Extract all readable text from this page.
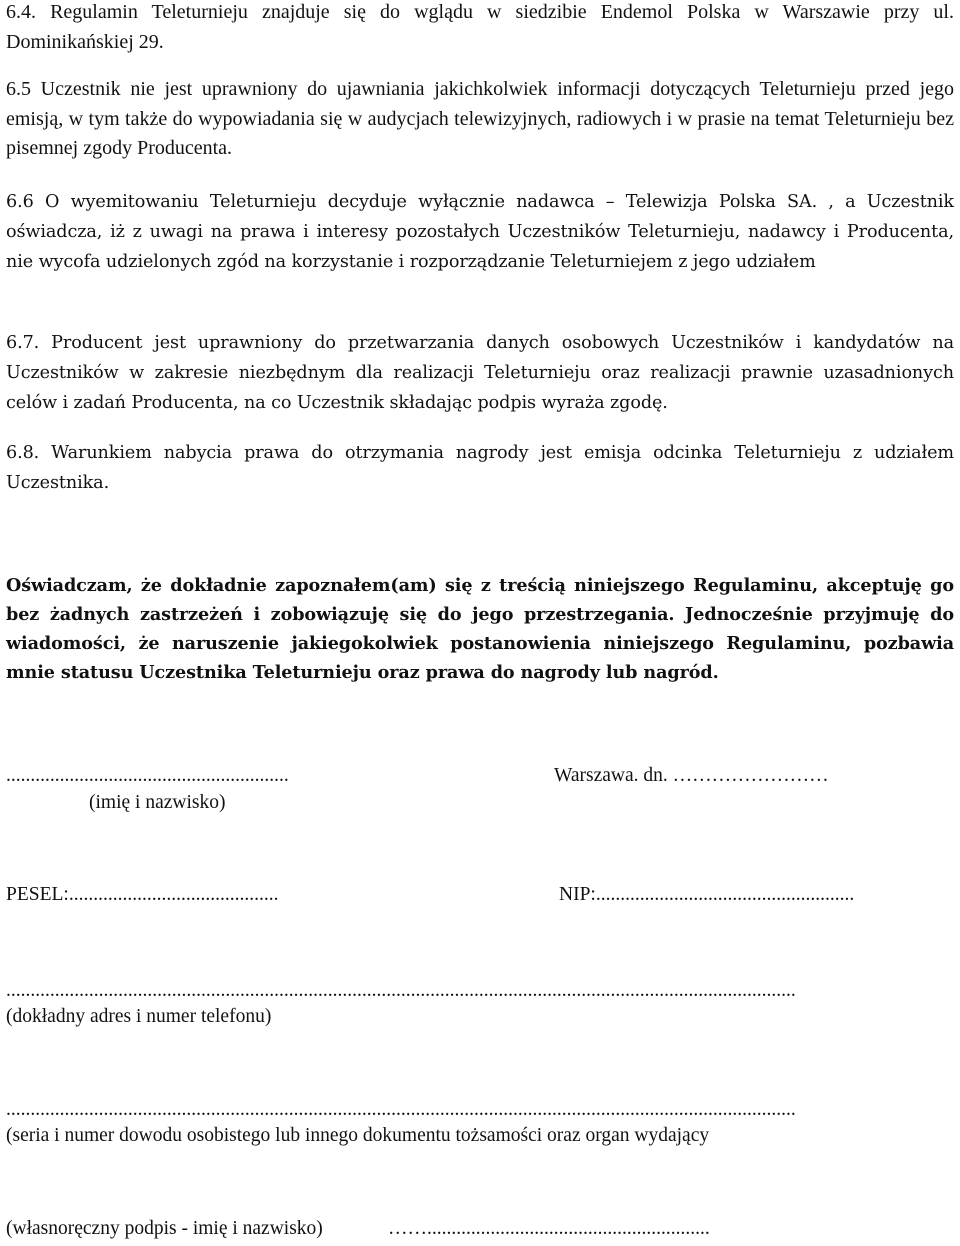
6.4. Regulamin Teleturnieju znajduje się do wglądu w siedzibie Endemol Polska w Warszawie przy ul. Dominikańskiej 29.

6.5 Uczestnik nie jest uprawniony do ujawniania jakichkolwiek informacji dotyczących Teleturnieju przed jego emisją, w tym także do wypowiadania się w audycjach telewizyjnych, radiowych i w prasie na temat Teleturnieju bez pisemnej zgody Producenta.

6.6 O wyemitowaniu Teleturnieju decyduje wyłącznie nadawca – Telewizja Polska SA. , a Uczestnik oświadcza, iż z uwagi na prawa i interesy pozostałych Uczestników Teleturnieju, nadawcy i Producenta, nie wycofa udzielonych zgód na korzystanie i rozporządzanie Teleturniejem z jego udziałem

6.7. Producent jest uprawniony do przetwarzania danych osobowych Uczestników i kandydatów na Uczestników w zakresie niezbędnym dla realizacji Teleturnieju oraz realizacji prawnie uzasadnionych celów i zadań Producenta, na co Uczestnik składając podpis wyraża zgodę.

6.8. Warunkiem nabycia prawa do otrzymania nagrody jest emisja odcinka Teleturnieju z udziałem Uczestnika.

Oświadczam, że dokładnie zapoznałem(am) się z treścią niniejszego Regulaminu, akceptuję go bez żadnych zastrzeżeń i zobowiązuję się do jego przestrzegania. Jednocześnie przyjmuję do wiadomości, że naruszenie jakiegokolwiek postanowienia niniejszego Regulaminu, pozbawia mnie statusu Uczestnika Teleturnieju oraz prawa do nagrody lub nagród.

..........................................................	Warszawa. dn. ……………………
(imię i nazwisko)
PESEL:...........................................	NIP:.....................................................
..................................................................................................................................................................
(dokładny adres i numer telefonu)
..................................................................................................................................................................
(seria i numer dowodu osobistego lub innego dokumentu tożsamości oraz organ wydający
(własnoręczny podpis - imię i nazwisko)	……..........................................................
